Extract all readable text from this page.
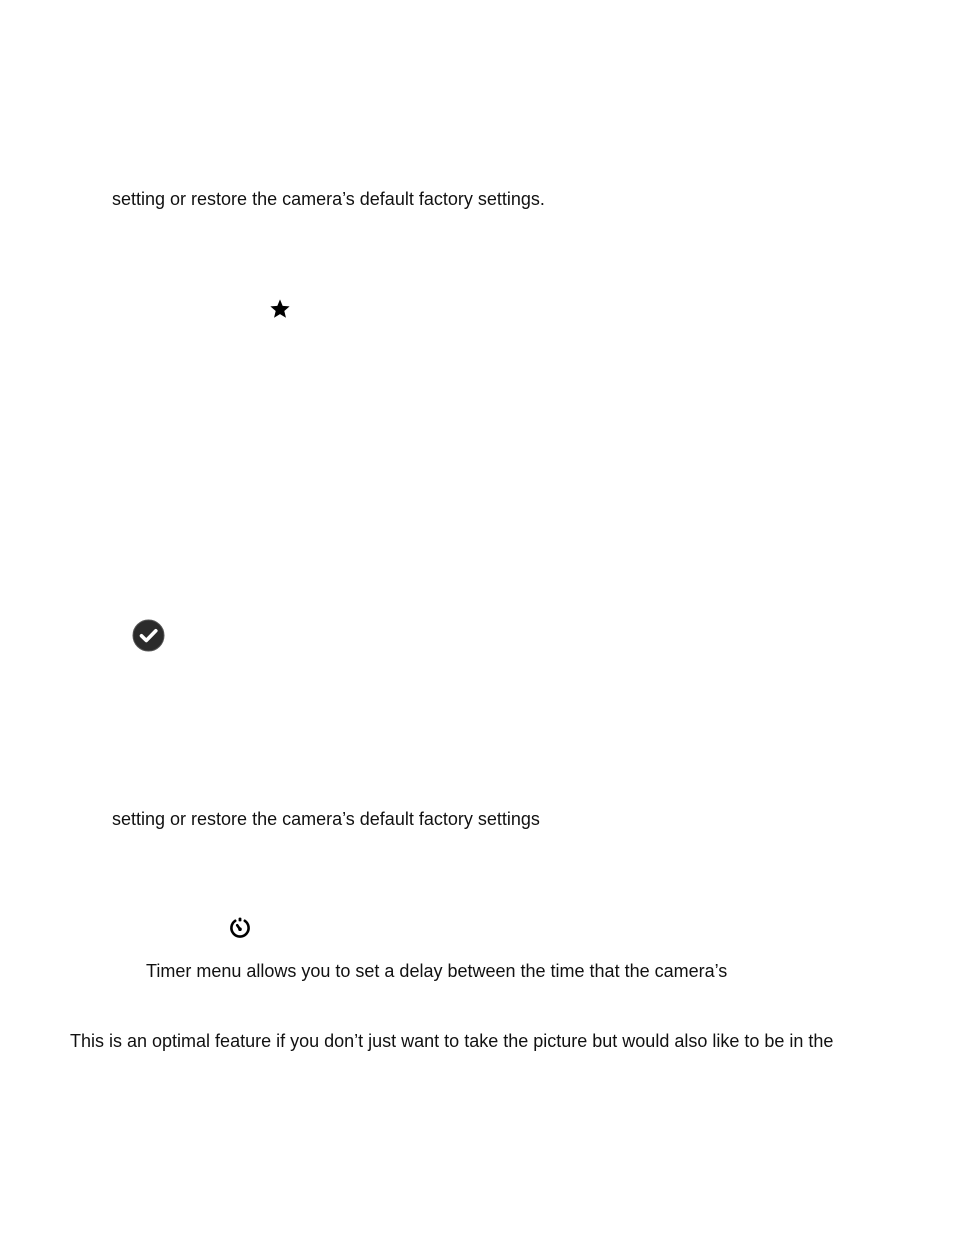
setting or restore the camera’s default factory settings.

setting or restore the camera’s default factory settings

Timer menu allows you to set a delay between the time that the camera’s

This is an optimal feature if you don’t just want to take the picture but would also like to be in the
